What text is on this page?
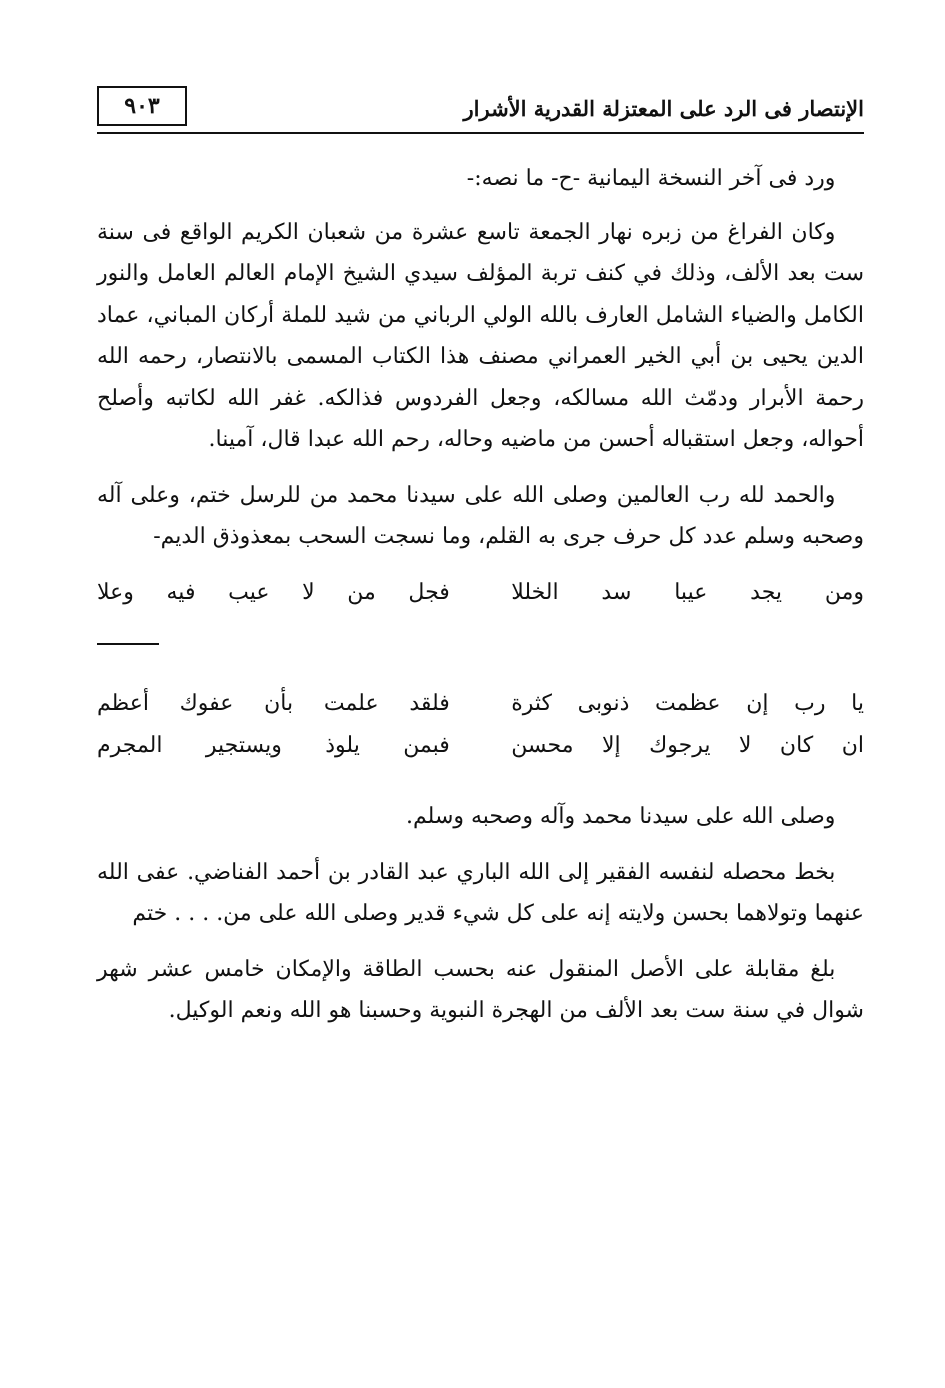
الإنتصار فى الرد على المعتزلة القدرية الأشرار
٩٠٣

ورد فى آخر النسخة اليمانية -ح- ما نصه:-

وكان الفراغ من زبره نهار الجمعة تاسع عشرة من شعبان الكريم الواقع فى سنة ست بعد الألف، وذلك في كنف تربة المؤلف سيدي الشيخ الإمام العالم العامل والنور الكامل والضياء الشامل العارف بالله الولي الرباني من شيد للملة أركان المباني، عماد الدين يحيى بن أبي الخير العمراني مصنف هذا الكتاب المسمى بالانتصار، رحمه الله رحمة الأبرار ودمّث الله مسالكه، وجعل الفردوس فذالكه. غفر الله لكاتبه وأصلح أحواله، وجعل استقباله أحسن من ماضيه وحاله، رحم الله عبدا قال، آمينا.

والحمد لله رب العالمين وصلى الله على سيدنا محمد من للرسل ختم، وعلى آله وصحبه وسلم عدد كل حرف جرى به القلم، وما نسجت السحب بمعذوذق الديم-

ومن يجد عيبا سد الخللا
فجل من لا عيب فيه وعلا
يا رب إن عظمت ذنوبى كثرة
فلقد علمت بأن عفوك أعظم
ان كان لا يرجوك إلا محسن
فبمن يلوذ ويستجير المجرم

وصلى الله على سيدنا محمد وآله وصحبه وسلم.

بخط محصله لنفسه الفقير إلى الله الباري عبد القادر بن أحمد الفناضي. عفى الله عنهما وتولاهما بحسن ولايته إنه على كل شيء قدير وصلى الله على من. . . . ختم

بلغ مقابلة على الأصل المنقول عنه بحسب الطاقة والإمكان خامس عشر شهر شوال في سنة ست بعد الألف من الهجرة النبوية وحسبنا هو الله ونعم الوكيل.
